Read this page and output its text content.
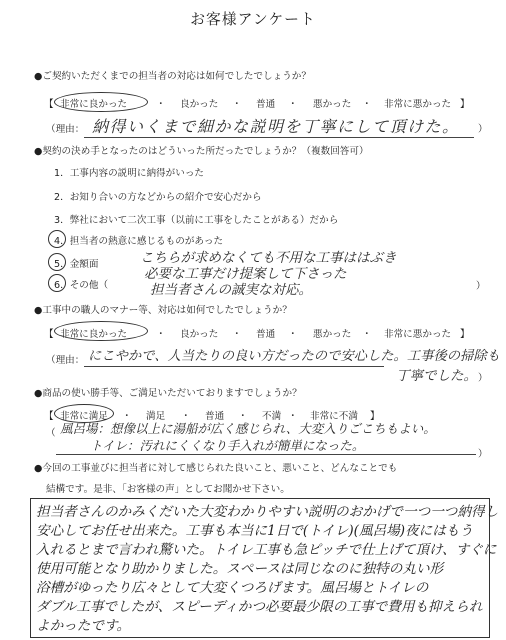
お客様アンケート
●ご契約いただくまでの担当者の対応は如何でしたでしょうか？
【 非常に良かった	・ 良かった ・ 普通 ・ 悪かった ・ 非常に悪かった 】
（理由： 納得いくまで細かな説明を丁寧にして頂けた。 ）
●契約の決め手となったのはどういった所だったでしょうか？（複数回答可）
1．工事内容の説明に納得がいった
2．お知り合いの方などからの紹介で安心だから
3．弊社において二次工事（以前に工事をしたことがある）だから
4．担当者の熱意に感じるものがあった
5．金額面
6．その他（
こちらが求めなくても不用な工事ははぶき
必要な工事だけ提案して下さった
担当者さんの誠実な対応。	）
●工事中の職人のマナー等、対応は如何でしたでしょうか？
【 非常に良かった	・ 良かった ・ 普通 ・ 悪かった ・ 非常に悪かった 】
（理由： にこやかで、人当たりの良い方だったので安心した。工事後の掃除も
丁寧でした。 ）
●商品の使い勝手等、ご満足いただいておりますでしょうか？
【 非常に満足 ・ 満足 ・ 普通 ・ 不満 ・ 非常に不満 】
（ 風呂場：想像以上に湯船が広く感じられ、大変入りごこちもよい。
トイレ：汚れにくくなり手入れが簡単になった。
）
●今回の工事並びに担当者に対して感じられた良いこと、悪いこと、どんなことでも
結構です。是非、「お客様の声」としてお聞かせ下さい。
担当者さんのかみくだいた大変わかりやすい説明のおかげで一つ一つ納得し
安心してお任せ出来た。工事も本当に1日で(トイレ)(風呂場)夜にはもう
入れるとまで言われ驚いた。トイレ工事も急ピッチで仕上げて頂け、すぐに
使用可能となり助かりました。スペースは同じなのに独特の丸い形
浴槽がゆったり広々として大変くつろげます。風呂場とトイレの
ダブル工事でしたが、スピーディかつ必要最少限の工事で費用も抑えられ
よかったです。
